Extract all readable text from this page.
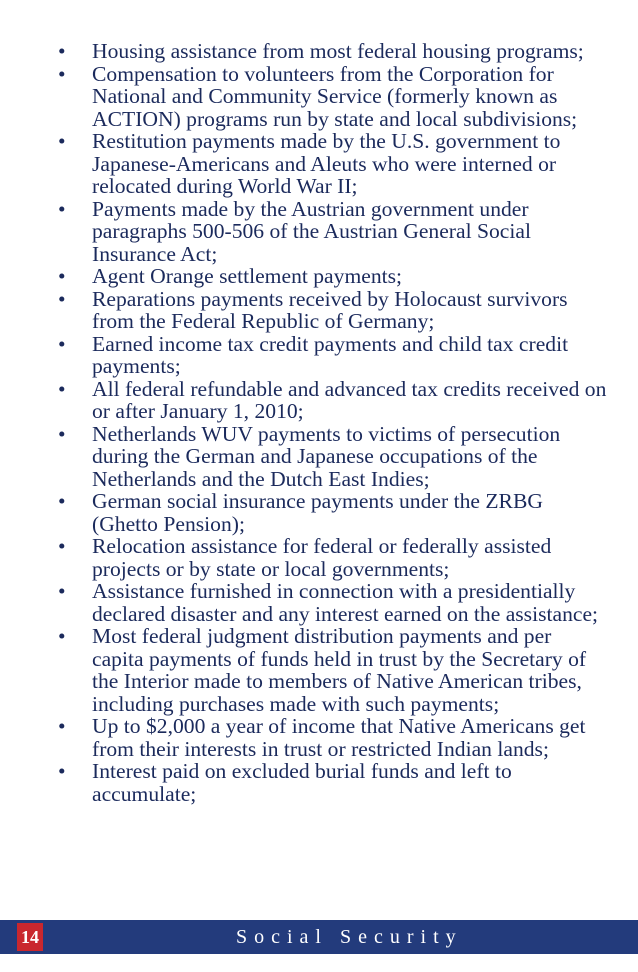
•	Housing assistance from most federal housing programs;
•	Compensation to volunteers from the Corporation for National and Community Service (formerly known as ACTION) programs run by state and local subdivisions;
•	Restitution payments made by the U.S. government to Japanese-Americans and Aleuts who were interned or relocated during World War II;
•	Payments made by the Austrian government under paragraphs 500-506 of the Austrian General Social Insurance Act;
•	Agent Orange settlement payments;
•	Reparations payments received by Holocaust survivors from the Federal Republic of Germany;
•	Earned income tax credit payments and child tax credit payments;
•	All federal refundable and advanced tax credits received on or after January 1, 2010;
•	Netherlands WUV payments to victims of persecution during the German and Japanese occupations of the Netherlands and the Dutch East Indies;
•	German social insurance payments under the ZRBG (Ghetto Pension);
•	Relocation assistance for federal or federally assisted projects or by state or local governments;
•	Assistance furnished in connection with a presidentially declared disaster and any interest earned on the assistance;
•	Most federal judgment distribution payments and per capita payments of funds held in trust by the Secretary of the Interior made to members of Native American tribes, including purchases made with such payments;
•	Up to $2,000 a year of income that Native Americans get from their interests in trust or restricted Indian lands;
•	Interest paid on excluded burial funds and left to accumulate;
14	Social Security
